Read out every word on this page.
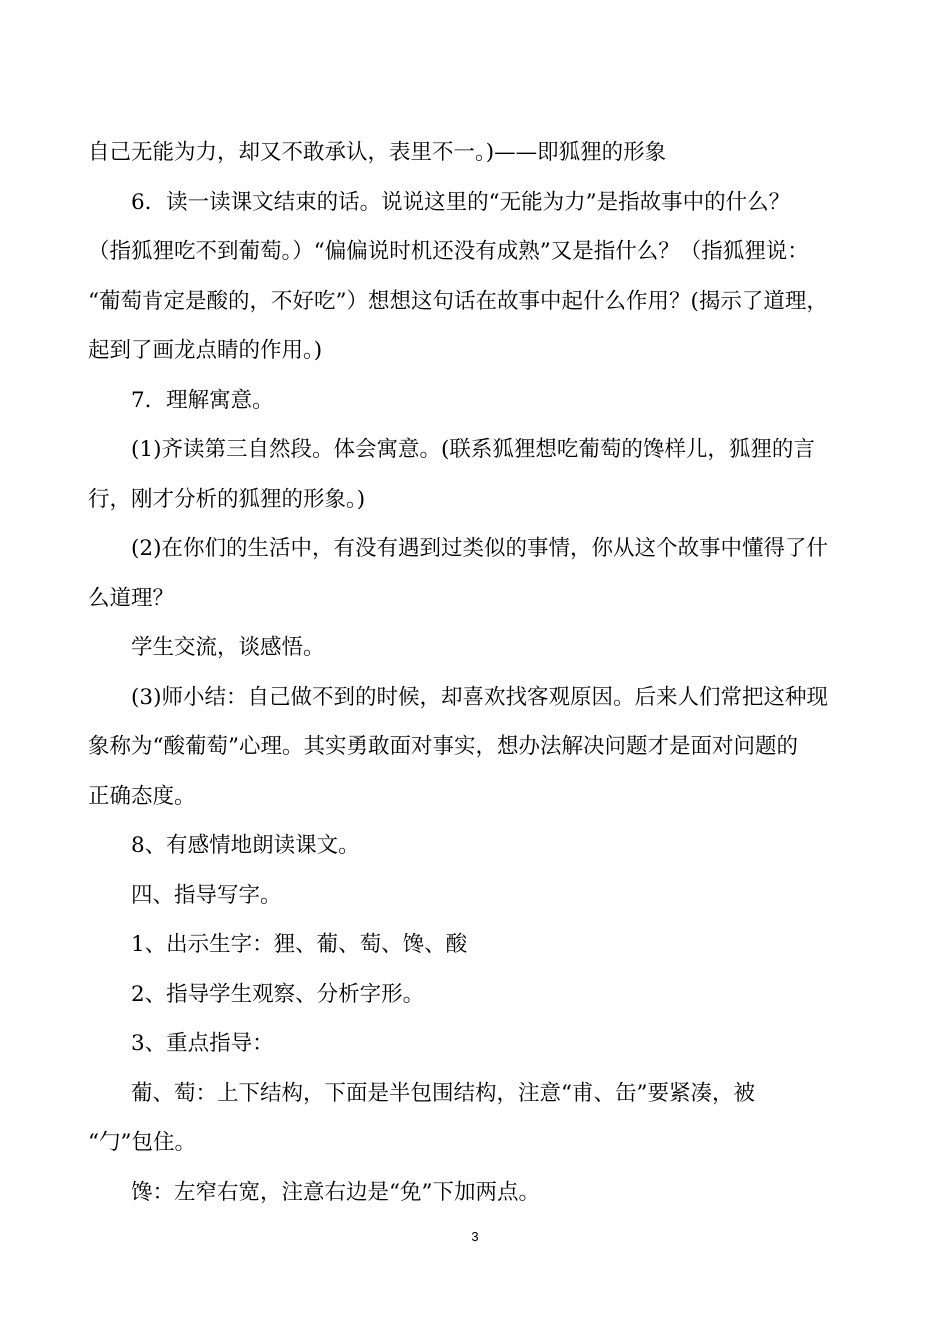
自己无能为力，却又不敢承认，表里不一。)——即狐狸的形象

6．读一读课文结束的话。说说这里的“无能为力”是指故事中的什么？

（指狐狸吃不到葡萄。）“偏偏说时机还没有成熟”又是指什么？（指狐狸说：

“葡萄肯定是酸的，不好吃”）想想这句话在故事中起什么作用？(揭示了道理，

起到了画龙点睛的作用。)

7．理解寓意。

(1)齐读第三自然段。体会寓意。(联系狐狸想吃葡萄的馋样儿，狐狸的言

行，刚才分析的狐狸的形象。)

(2)在你们的生活中，有没有遇到过类似的事情，你从这个故事中懂得了什

么道理？

学生交流，谈感悟。

(3)师小结：自己做不到的时候，却喜欢找客观原因。后来人们常把这种现

象称为“酸葡萄”心理。其实勇敢面对事实，想办法解决问题才是面对问题的

正确态度。

8、有感情地朗读课文。

四、指导写字。

1、出示生字：狸、葡、萄、馋、酸

2、指导学生观察、分析字形。

3、重点指导：

葡、萄：上下结构，下面是半包围结构，注意“甫、缶”要紧凑，被

“勹”包住。

馋：左窄右宽，注意右边是“免”下加两点。

3
